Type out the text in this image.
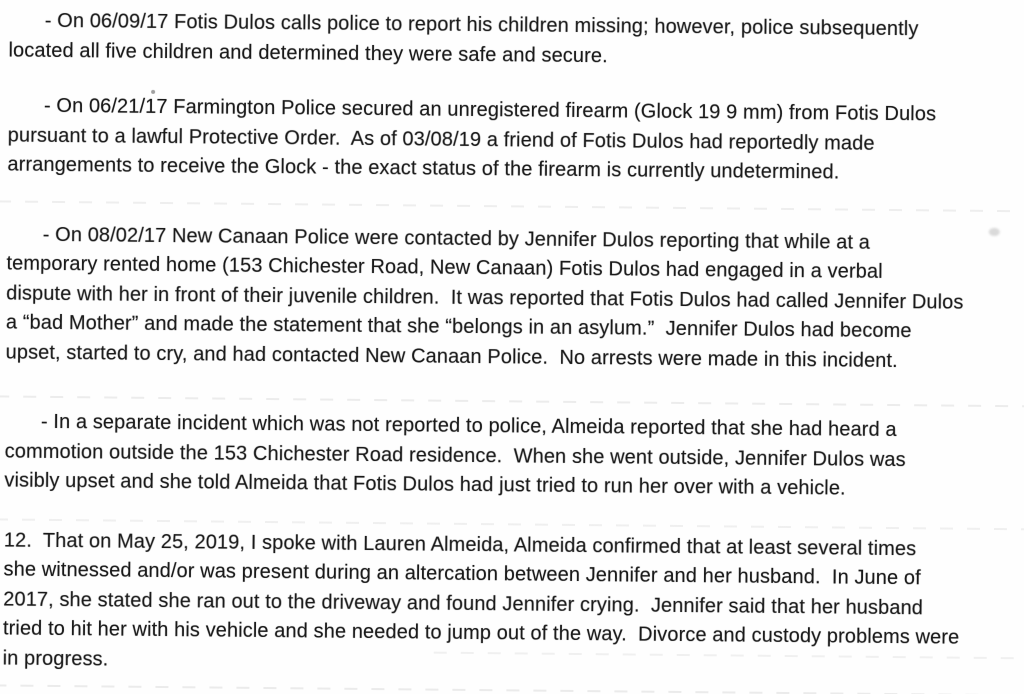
- On 06/09/17 Fotis Dulos calls police to report his children missing; however, police subsequently
located all five children and determined they were safe and secure.
- On 06/21/17 Farmington Police secured an unregistered firearm (Glock 19 9 mm) from Fotis Dulos
pursuant to a lawful Protective Order.  As of 03/08/19 a friend of Fotis Dulos had reportedly made
arrangements to receive the Glock - the exact status of the firearm is currently undetermined.
- On 08/02/17 New Canaan Police were contacted by Jennifer Dulos reporting that while at a
temporary rented home (153 Chichester Road, New Canaan) Fotis Dulos had engaged in a verbal
dispute with her in front of their juvenile children.  It was reported that Fotis Dulos had called Jennifer Dulos
a “bad Mother” and made the statement that she “belongs in an asylum.”  Jennifer Dulos had become
upset, started to cry, and had contacted New Canaan Police.  No arrests were made in this incident.
- In a separate incident which was not reported to police, Almeida reported that she had heard a
commotion outside the 153 Chichester Road residence.  When she went outside, Jennifer Dulos was
visibly upset and she told Almeida that Fotis Dulos had just tried to run her over with a vehicle.
12.  That on May 25, 2019, I spoke with Lauren Almeida, Almeida confirmed that at least several times
she witnessed and/or was present during an altercation between Jennifer and her husband.  In June of
2017, she stated she ran out to the driveway and found Jennifer crying.  Jennifer said that her husband
tried to hit her with his vehicle and she needed to jump out of the way.  Divorce and custody problems were
in progress.
